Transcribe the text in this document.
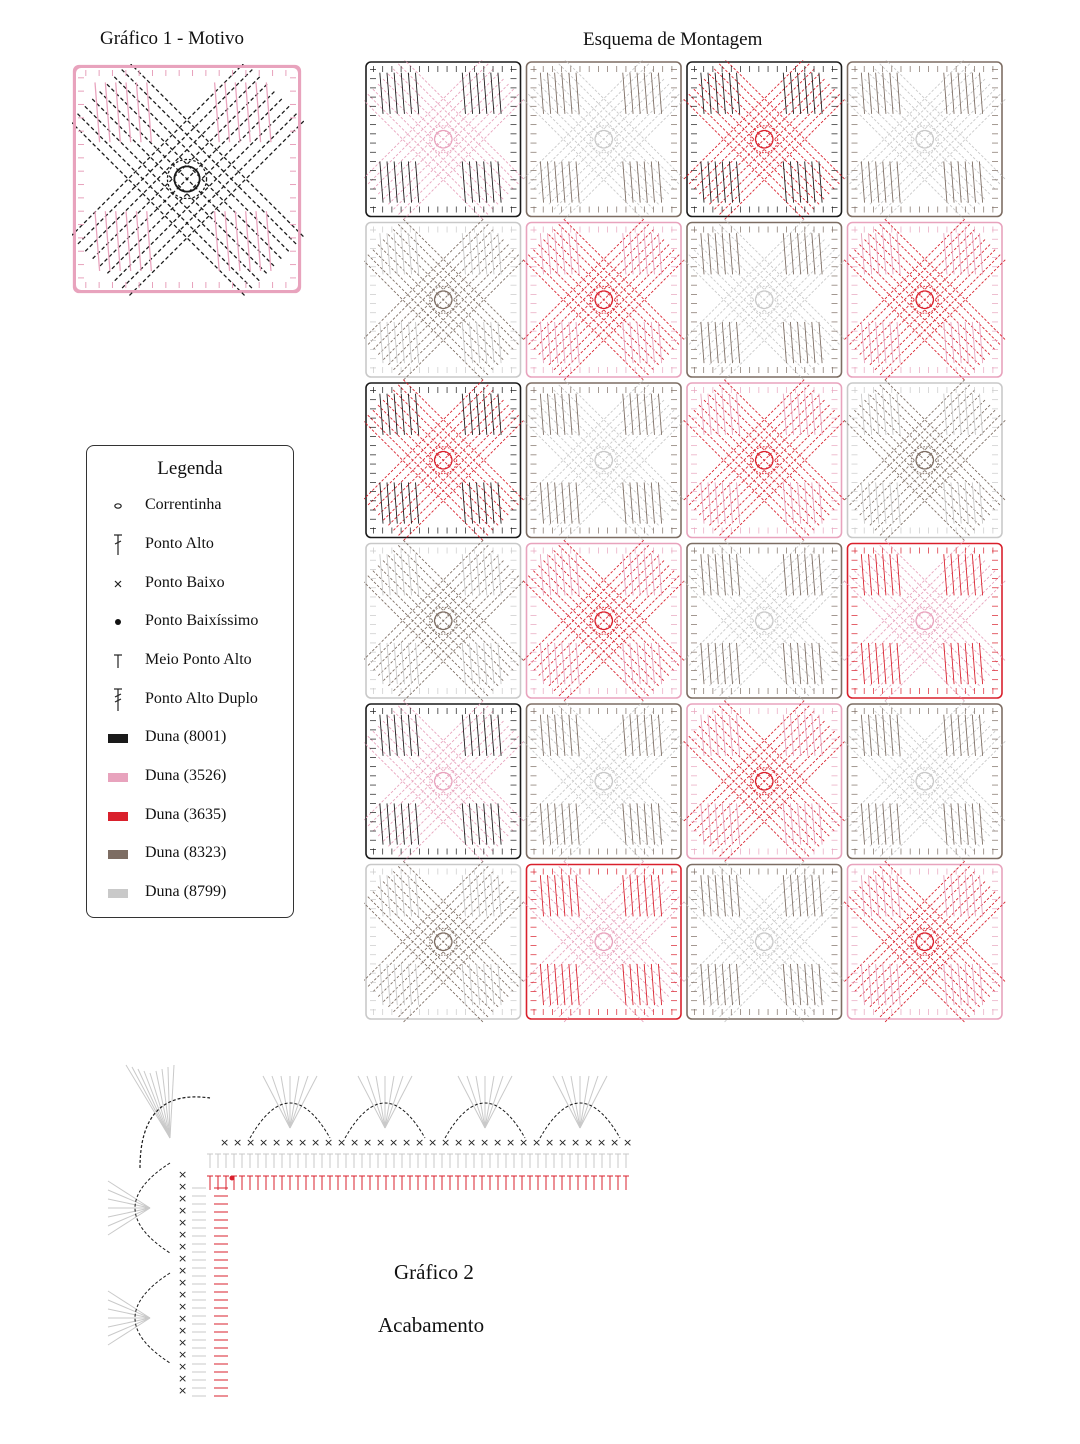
Gráfico 1 - Motivo	Esquema de Montagem
Legenda
Correntinha
Ponto Alto
Ponto Baixo
Ponto Baixíssimo
Meio Ponto Alto
Ponto Alto Duplo
Duna (8001)
Duna (3526)
Duna (3635)
Duna (8323)
Duna (8799)
× × × × × × × × × × × × × × × × × × × × × × × × × × × × × × × ×
×
×
×
×
×
×
×
×
×
×
×
×
×
×
×
×
×
×
×
Gráfico 2
Acabamento
